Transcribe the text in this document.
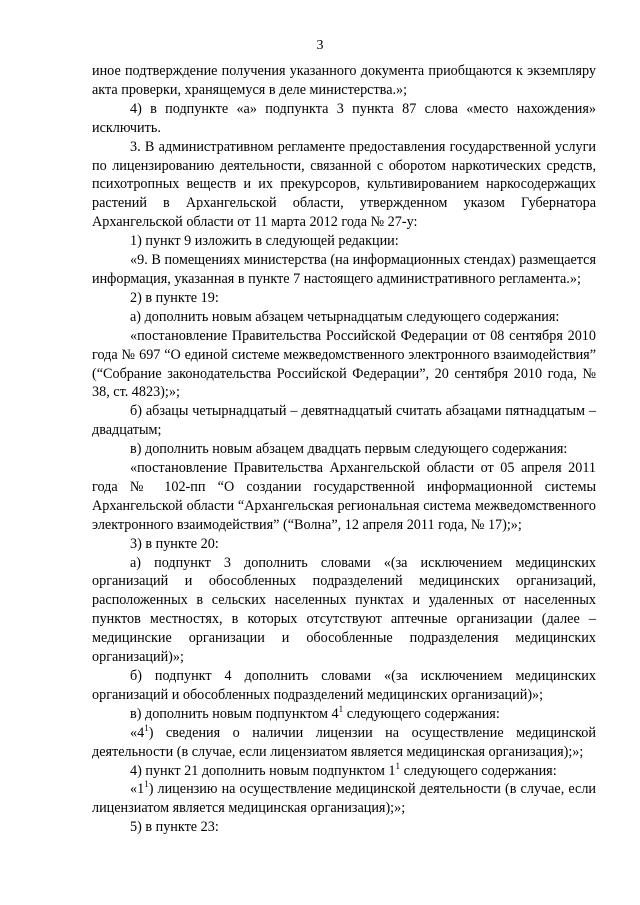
3

иное подтверждение получения указанного документа приобщаются к экземпляру акта проверки, хранящемуся в деле министерства.»;

4) в подпункте «а» подпункта 3 пункта 87 слова «место нахождения» исключить.

3. В административном регламенте предоставления государственной услуги по лицензированию деятельности, связанной с оборотом наркотических средств, психотропных веществ и их прекурсоров, культивированием наркосодержащих растений в Архангельской области, утвержденном указом Губернатора Архангельской области от 11 марта 2012 года № 27-у:

1) пункт 9 изложить в следующей редакции:

«9. В помещениях министерства (на информационных стендах) размещается информация, указанная в пункте 7 настоящего административного регламента.»;

2) в пункте 19:

а) дополнить новым абзацем четырнадцатым следующего содержания:

«постановление Правительства Российской Федерации от 08 сентября 2010 года № 697 “О единой системе межведомственного электронного взаимодействия” (“Собрание законодательства Российской Федерации”, 20 сентября 2010 года, № 38, ст. 4823);»;

б) абзацы четырнадцатый – девятнадцатый считать абзацами пятнадцатым – двадцатым;

в) дополнить новым абзацем двадцать первым следующего содержания:

«постановление Правительства Архангельской области от 05 апреля 2011 года № 102-пп “О создании государственной информационной системы Архангельской области “Архангельская региональная система межведомственного электронного взаимодействия” (“Волна”, 12 апреля 2011 года, № 17);»;

3) в пункте 20:

а) подпункт 3 дополнить словами «(за исключением медицинских организаций и обособленных подразделений медицинских организаций, расположенных в сельских населенных пунктах и удаленных от населенных пунктов местностях, в которых отсутствуют аптечные организации (далее – медицинские организации и обособленные подразделения медицинских организаций)»;

б) подпункт 4 дополнить словами «(за исключением медицинских организаций и обособленных подразделений медицинских организаций)»;

в) дополнить новым подпунктом $4^1$ следующего содержания:

«$4^1$) сведения о наличии лицензии на осуществление медицинской деятельности (в случае, если лицензиатом является медицинская организация);»;

4) пункт 21 дополнить новым подпунктом $1^1$ следующего содержания:

«$1^1$) лицензию на осуществление медицинской деятельности (в случае, если лицензиатом является медицинская организация);»;

5) в пункте 23:
